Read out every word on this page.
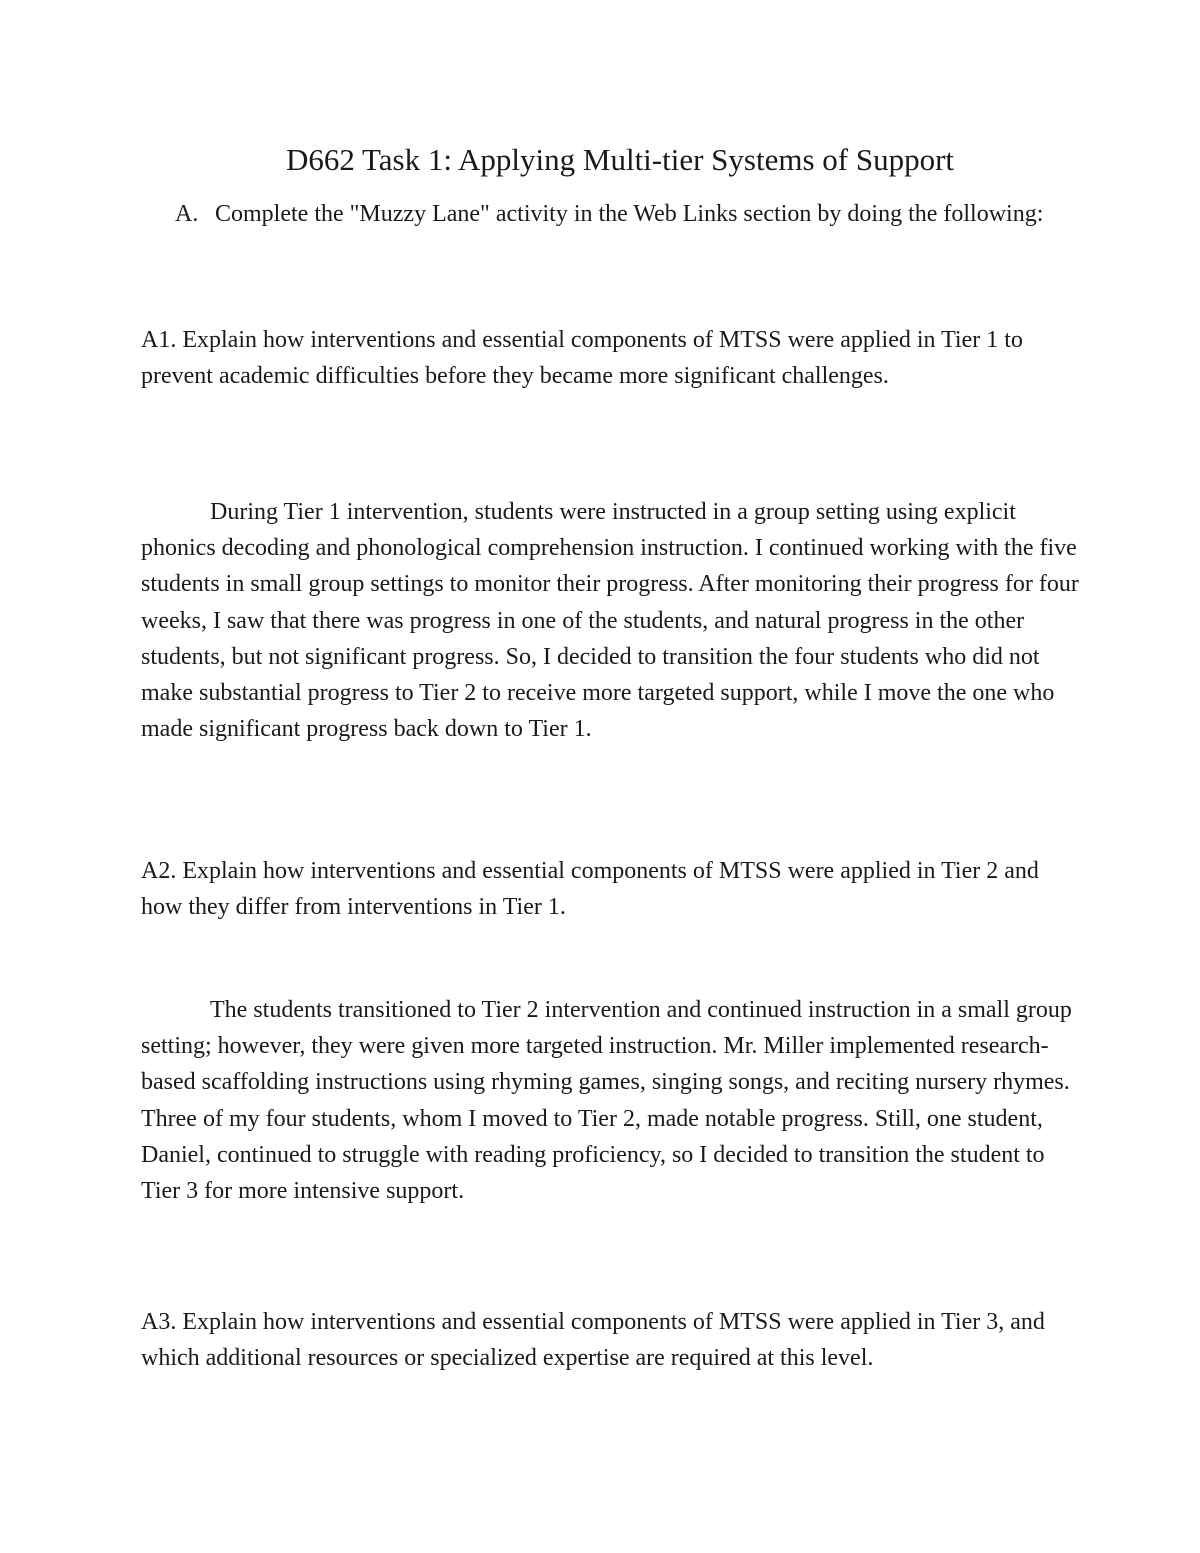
D662 Task 1: Applying Multi-tier Systems of Support
A. Complete the "Muzzy Lane" activity in the Web Links section by doing the following:

A1. Explain how interventions and essential components of MTSS were applied in Tier 1 to prevent academic difficulties before they became more significant challenges.

During Tier 1 intervention, students were instructed in a group setting using explicit phonics decoding and phonological comprehension instruction. I continued working with the five students in small group settings to monitor their progress. After monitoring their progress for four weeks, I saw that there was progress in one of the students, and natural progress in the other students, but not significant progress. So, I decided to transition the four students who did not make substantial progress to Tier 2 to receive more targeted support, while I move the one who made significant progress back down to Tier 1.

A2. Explain how interventions and essential components of MTSS were applied in Tier 2 and how they differ from interventions in Tier 1.

The students transitioned to Tier 2 intervention and continued instruction in a small group setting; however, they were given more targeted instruction. Mr. Miller implemented research-based scaffolding instructions using rhyming games, singing songs, and reciting nursery rhymes. Three of my four students, whom I moved to Tier 2, made notable progress. Still, one student, Daniel, continued to struggle with reading proficiency, so I decided to transition the student to Tier 3 for more intensive support.

A3. Explain how interventions and essential components of MTSS were applied in Tier 3, and which additional resources or specialized expertise are required at this level.
